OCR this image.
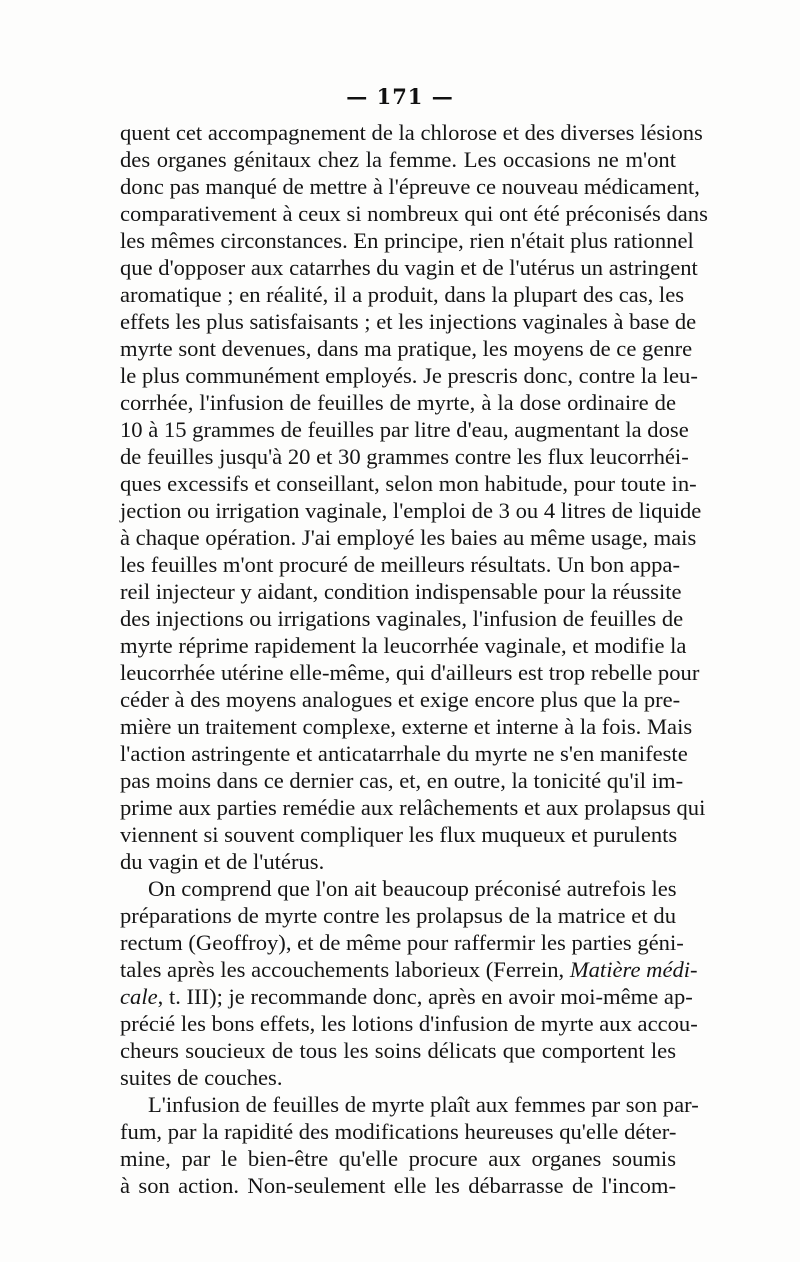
— 171 —
quent cet accompagnement de la chlorose et des diverses lésions
des organes génitaux chez la femme. Les occasions ne m'ont
donc pas manqué de mettre à l'épreuve ce nouveau médicament,
comparativement à ceux si nombreux qui ont été préconisés dans
les mêmes circonstances. En principe, rien n'était plus rationnel
que d'opposer aux catarrhes du vagin et de l'utérus un astringent
aromatique ; en réalité, il a produit, dans la plupart des cas, les
effets les plus satisfaisants ; et les injections vaginales à base de
myrte sont devenues, dans ma pratique, les moyens de ce genre
le plus communément employés. Je prescris donc, contre la leu-
corrhée, l'infusion de feuilles de myrte, à la dose ordinaire de
10 à 15 grammes de feuilles par litre d'eau, augmentant la dose
de feuilles jusqu'à 20 et 30 grammes contre les flux leucorrhéi-
ques excessifs et conseillant, selon mon habitude, pour toute in-
jection ou irrigation vaginale, l'emploi de 3 ou 4 litres de liquide
à chaque opération. J'ai employé les baies au même usage, mais
les feuilles m'ont procuré de meilleurs résultats. Un bon appa-
reil injecteur y aidant, condition indispensable pour la réussite
des injections ou irrigations vaginales, l'infusion de feuilles de
myrte réprime rapidement la leucorrhée vaginale, et modifie la
leucorrhée utérine elle-même, qui d'ailleurs est trop rebelle pour
céder à des moyens analogues et exige encore plus que la pre-
mière un traitement complexe, externe et interne à la fois. Mais
l'action astringente et anticatarrhale du myrte ne s'en manifeste
pas moins dans ce dernier cas, et, en outre, la tonicité qu'il im-
prime aux parties remédie aux relâchements et aux prolapsus qui
viennent si souvent compliquer les flux muqueux et purulents
du vagin et de l'utérus.
On comprend que l'on ait beaucoup préconisé autrefois les
préparations de myrte contre les prolapsus de la matrice et du
rectum (Geoffroy), et de même pour raffermir les parties géni-
tales après les accouchements laborieux (Ferrein, Matière médi-
cale, t. III); je recommande donc, après en avoir moi-même ap-
précié les bons effets, les lotions d'infusion de myrte aux accou-
cheurs soucieux de tous les soins délicats que comportent les
suites de couches.
L'infusion de feuilles de myrte plaît aux femmes par son par-
fum, par la rapidité des modifications heureuses qu'elle déter-
mine, par le bien-être qu'elle procure aux organes soumis
à son action. Non-seulement elle les débarrasse de l'incom-
